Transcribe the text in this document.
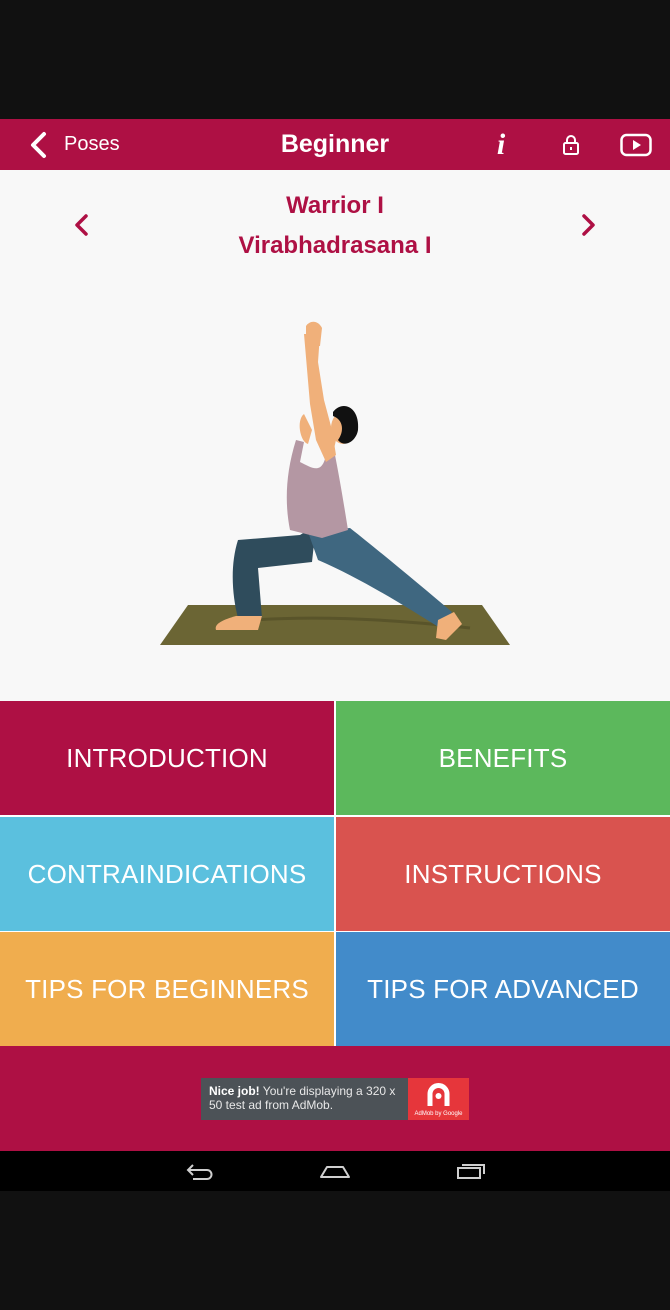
Poses	Beginner	i
Warrior I
Virabhadrasana I
INTRODUCTION	BENEFITS
CONTRAINDICATIONS	INSTRUCTIONS
TIPS FOR BEGINNERS	TIPS FOR ADVANCED
Nice job! You're displaying a 320 x 50 test ad from AdMob.
AdMob by Google
